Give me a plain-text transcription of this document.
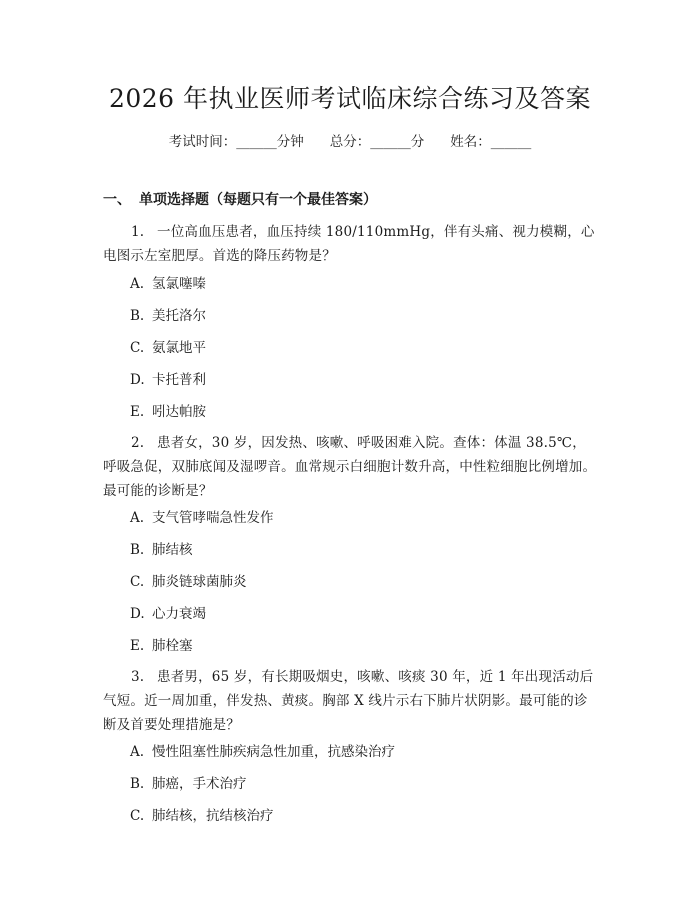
2026 年执业医师考试临床综合练习及答案
考试时间：______分钟 总分：______分 姓名：______
一、 单项选择题（每题只有一个最佳答案）
1. 一位高血压患者，血压持续 180/110mmHg，伴有头痛、视力模糊，心电图示左室肥厚。首选的降压药物是？
A. 氢氯噻嗪
B. 美托洛尔
C. 氨氯地平
D. 卡托普利
E. 吲达帕胺
2. 患者女，30 岁，因发热、咳嗽、呼吸困难入院。查体：体温 38.5℃，呼吸急促，双肺底闻及湿啰音。血常规示白细胞计数升高，中性粒细胞比例增加。最可能的诊断是？
A. 支气管哮喘急性发作
B. 肺结核
C. 肺炎链球菌肺炎
D. 心力衰竭
E. 肺栓塞
3. 患者男，65 岁，有长期吸烟史，咳嗽、咳痰 30 年，近 1 年出现活动后气短。近一周加重，伴发热、黄痰。胸部 X 线片示右下肺片状阴影。最可能的诊断及首要处理措施是？
A. 慢性阻塞性肺疾病急性加重，抗感染治疗
B. 肺癌，手术治疗
C. 肺结核，抗结核治疗
